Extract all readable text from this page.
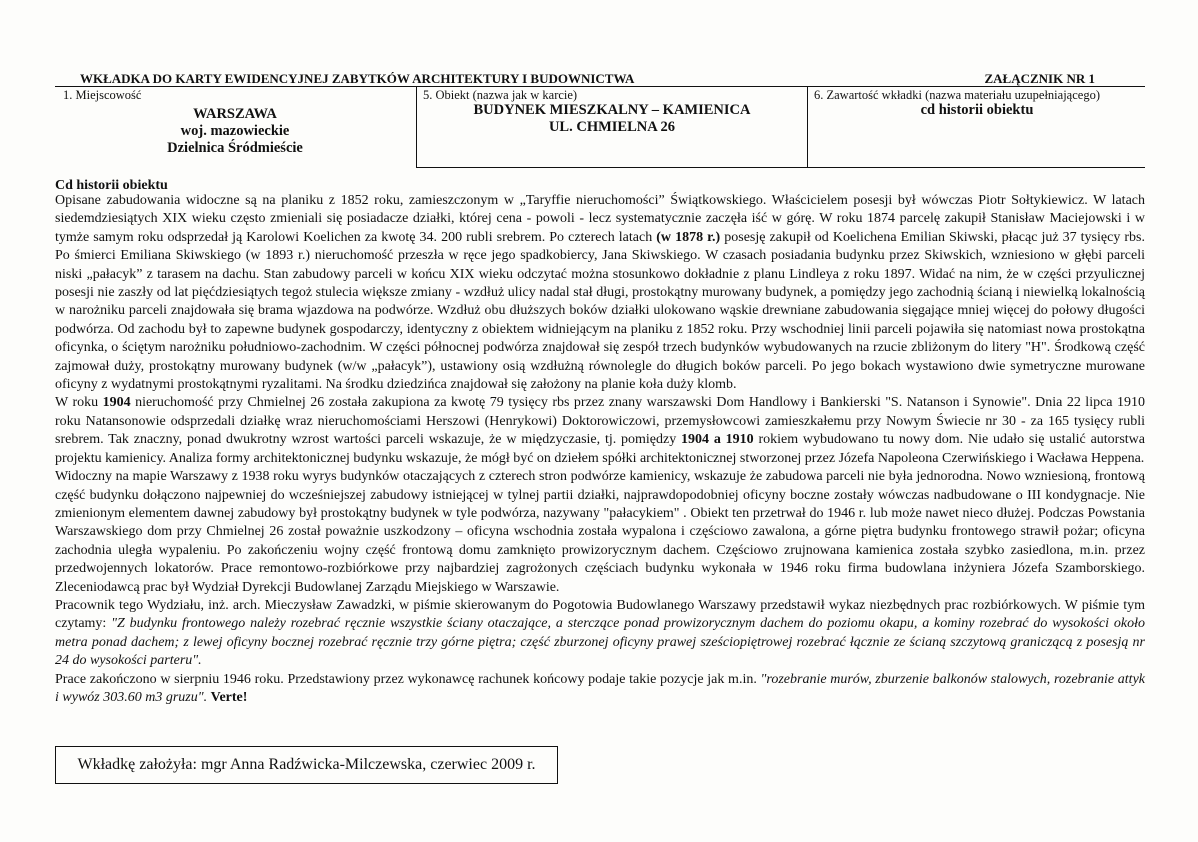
WKŁADKA DO KARTY EWIDENCYJNEJ ZABYTKÓW ARCHITEKTURY I BUDOWNICTWA	ZAŁĄCZNIK NR 1
1. Miejscowość
WARSZAWA
woj. mazowieckie
Dzielnica Śródmieście
5. Obiekt (nazwa jak w karcie)
BUDYNEK MIESZKALNY – KAMIENICA
UL. CHMIELNA 26
6. Zawartość wkładki (nazwa materiału uzupełniającego)
cd historii obiektu
Cd historii obiektu

Opisane zabudowania widoczne są na planiku z 1852 roku, zamieszczonym w „Taryffie nieruchomości” Świątkowskiego. Właścicielem posesji był wówczas Piotr Sołtykiewicz. W latach siedemdziesiątych XIX wieku często zmieniali się posiadacze działki, której cena - powoli - lecz systematycznie zaczęła iść w górę. W roku 1874 parcelę zakupił Stanisław Maciejowski i w tymże samym roku odsprzedał ją Karolowi Koelichen za kwotę 34. 200 rubli srebrem. Po czterech latach (w 1878 r.) posesję zakupił od Koelichena Emilian Skiwski, płacąc już 37 tysięcy rbs. Po śmierci Emiliana Skiwskiego (w 1893 r.) nieruchomość przeszła w ręce jego spadkobiercy, Jana Skiwskiego. W czasach posiadania budynku przez Skiwskich, wzniesiono w głębi parceli niski „pałacyk” z tarasem na dachu. Stan zabudowy parceli w końcu XIX wieku odczytać można stosunkowo dokładnie z planu Lindleya z roku 1897. Widać na nim, że w części przyulicznej posesji nie zaszły od lat pięćdziesiątych tegoż stulecia większe zmiany - wzdłuż ulicy nadal stał długi, prostokątny murowany budynek, a pomiędzy jego zachodnią ścianą i niewielką lokalnością w narożniku parceli znajdowała się brama wjazdowa na podwórze. Wzdłuż obu dłuższych boków działki ulokowano wąskie drewniane zabudowania sięgające mniej więcej do połowy długości podwórza. Od zachodu był to zapewne budynek gospodarczy, identyczny z obiektem widniejącym na planiku z 1852 roku. Przy wschodniej linii parceli pojawiła się natomiast nowa prostokątna oficynka, o ściętym narożniku południowo-zachodnim. W części północnej podwórza znajdował się zespół trzech budynków wybudowanych na rzucie zbliżonym do litery "H". Środkową część zajmował duży, prostokątny murowany budynek (w/w „pałacyk”), ustawiony osią wzdłużną równolegle do długich boków parceli. Po jego bokach wystawiono dwie symetryczne murowane oficyny z wydatnymi prostokątnymi ryzalitami. Na środku dziedzińca znajdował się założony na planie koła duży klomb.

W roku 1904 nieruchomość przy Chmielnej 26 została zakupiona za kwotę 79 tysięcy rbs przez znany warszawski Dom Handlowy i Bankierski "S. Natanson i Synowie". Dnia 22 lipca 1910 roku Natansonowie odsprzedali działkę wraz nieruchomościami Herszowi (Henrykowi) Doktorowiczowi, przemysłowcowi zamieszkałemu przy Nowym Świecie nr 30 - za 165 tysięcy rubli srebrem. Tak znaczny, ponad dwukrotny wzrost wartości parceli wskazuje, że w międzyczasie, tj. pomiędzy 1904 a 1910 rokiem wybudowano tu nowy dom. Nie udało się ustalić autorstwa projektu kamienicy. Analiza formy architektonicznej budynku wskazuje, że mógł być on dziełem spółki architektonicznej stworzonej przez Józefa Napoleona Czerwińskiego i Wacława Heppena.

Widoczny na mapie Warszawy z 1938 roku wyrys budynków otaczających z czterech stron podwórze kamienicy, wskazuje że zabudowa parceli nie była jednorodna. Nowo wzniesioną, frontową część budynku dołączono najpewniej do wcześniejszej zabudowy istniejącej w tylnej partii działki, najprawdopodobniej oficyny boczne zostały wówczas nadbudowane o III kondygnacje. Nie zmienionym elementem dawnej zabudowy był prostokątny budynek w tyle podwórza, nazywany "pałacykiem" . Obiekt ten przetrwał do 1946 r. lub może nawet nieco dłużej. Podczas Powstania Warszawskiego dom przy Chmielnej 26 został poważnie uszkodzony – oficyna wschodnia została wypalona i częściowo zawalona, a górne piętra budynku frontowego strawił pożar; oficyna zachodnia uległa wypaleniu. Po zakończeniu wojny część frontową domu zamknięto prowizorycznym dachem. Częściowo zrujnowana kamienica została szybko zasiedlona, m.in. przez przedwojennych lokatorów. Prace remontowo-rozbiórkowe przy najbardziej zagrożonych częściach budynku wykonała w 1946 roku firma budowlana inżyniera Józefa Szamborskiego. Zleceniodawcą prac był Wydział Dyrekcji Budowlanej Zarządu Miejskiego w Warszawie.

Pracownik tego Wydziału, inż. arch. Mieczysław Zawadzki, w piśmie skierowanym do Pogotowia Budowlanego Warszawy przedstawił wykaz niezbędnych prac rozbiórkowych. W piśmie tym czytamy: "Z budynku frontowego należy rozebrać ręcznie wszystkie ściany otaczające, a sterczące ponad prowizorycznym dachem do poziomu okapu, a kominy rozebrać do wysokości około metra ponad dachem; z lewej oficyny bocznej rozebrać ręcznie trzy górne piętra; część zburzonej oficyny prawej sześciopiętrowej rozebrać łącznie ze ścianą szczytową graniczącą z posesją nr 24 do wysokości parteru".

Prace zakończono w sierpniu 1946 roku. Przedstawiony przez wykonawcę rachunek końcowy podaje takie pozycje jak m.in. "rozebranie murów, zburzenie balkonów stalowych, rozebranie attyk i wywóz 303.60 m3 gruzu". Verte!

Wkładkę założyła: mgr Anna Radźwicka-Milczewska, czerwiec 2009 r.
